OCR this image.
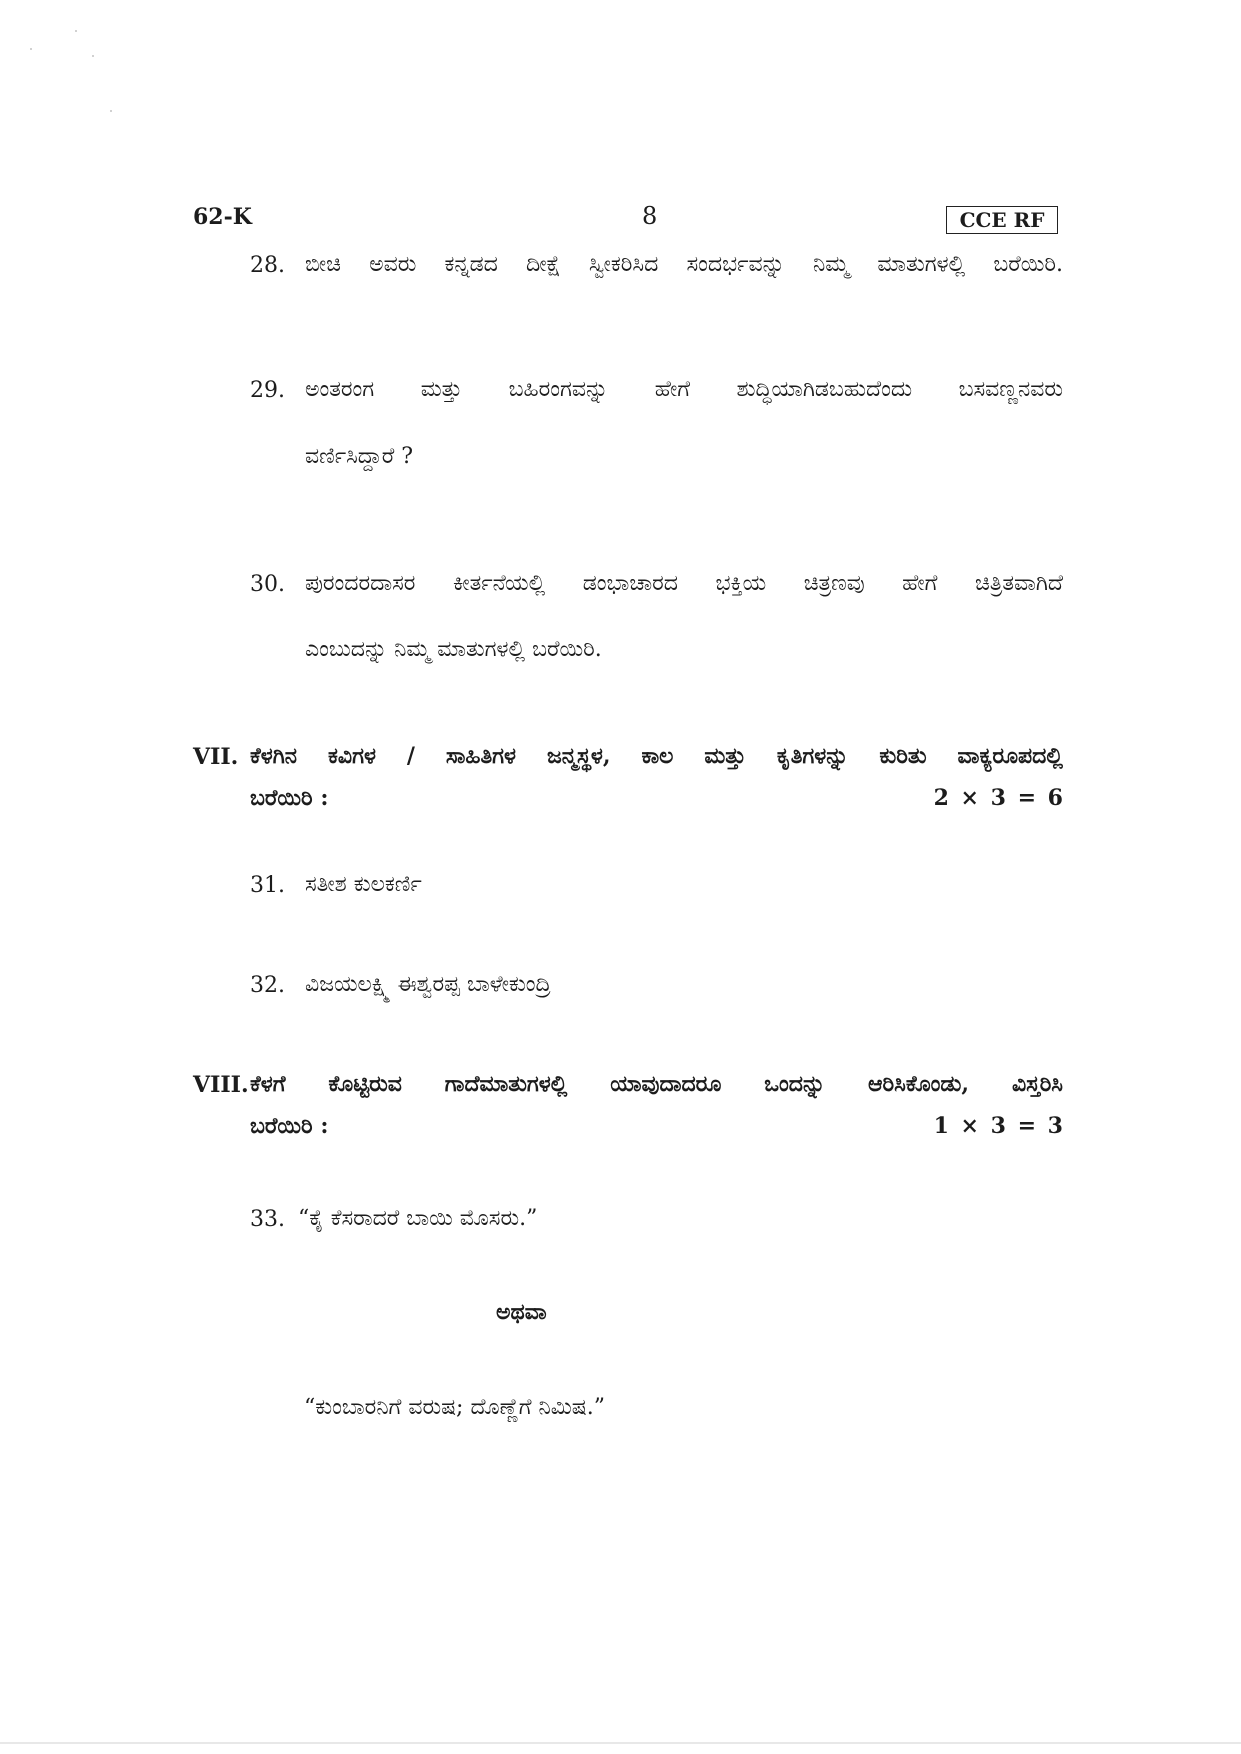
62-K	8	CCE RF
28. ಬೀಚಿ ಅವರು ಕನ್ನಡದ ದೀಕ್ಷೆ ಸ್ವೀಕರಿಸಿದ ಸಂದರ್ಭವನ್ನು ನಿಮ್ಮ ಮಾತುಗಳಲ್ಲಿ ಬರೆಯಿರಿ.
29. ಅಂತರಂಗ ಮತ್ತು ಬಹಿರಂಗವನ್ನು ಹೇಗೆ ಶುದ್ಧಿಯಾಗಿಡಬಹುದೆಂದು ಬಸವಣ್ಣನವರು
ವರ್ಣಿಸಿದ್ದಾರೆ ?
30. ಪುರಂದರದಾಸರ ಕೀರ್ತನೆಯಲ್ಲಿ ಡಂಭಾಚಾರದ ಭಕ್ತಿಯ ಚಿತ್ರಣವು ಹೇಗೆ ಚಿತ್ರಿತವಾಗಿದೆ
ಎಂಬುದನ್ನು ನಿಮ್ಮ ಮಾತುಗಳಲ್ಲಿ ಬರೆಯಿರಿ.
VII. ಕೆಳಗಿನ ಕವಿಗಳ / ಸಾಹಿತಿಗಳ ಜನ್ಮಸ್ಥಳ, ಕಾಲ ಮತ್ತು ಕೃತಿಗಳನ್ನು ಕುರಿತು ವಾಕ್ಯರೂಪದಲ್ಲಿ
ಬರೆಯಿರಿ :	2 × 3 = 6
31. ಸತೀಶ ಕುಲಕರ್ಣಿ
32. ವಿಜಯಲಕ್ಷ್ಮಿ ಈಶ್ವರಪ್ಪ ಬಾಳೇಕುಂದ್ರಿ
VIII. ಕೆಳಗೆ ಕೊಟ್ಟಿರುವ ಗಾದೆಮಾತುಗಳಲ್ಲಿ ಯಾವುದಾದರೂ ಒಂದನ್ನು ಆರಿಸಿಕೊಂಡು, ವಿಸ್ತರಿಸಿ
ಬರೆಯಿರಿ :	1 × 3 = 3
33. “ಕೈ ಕೆಸರಾದರೆ ಬಾಯಿ ಮೊಸರು.”
ಅಥವಾ
“ಕುಂಬಾರನಿಗೆ ವರುಷ; ದೊಣ್ಣೆಗೆ ನಿಮಿಷ.”
